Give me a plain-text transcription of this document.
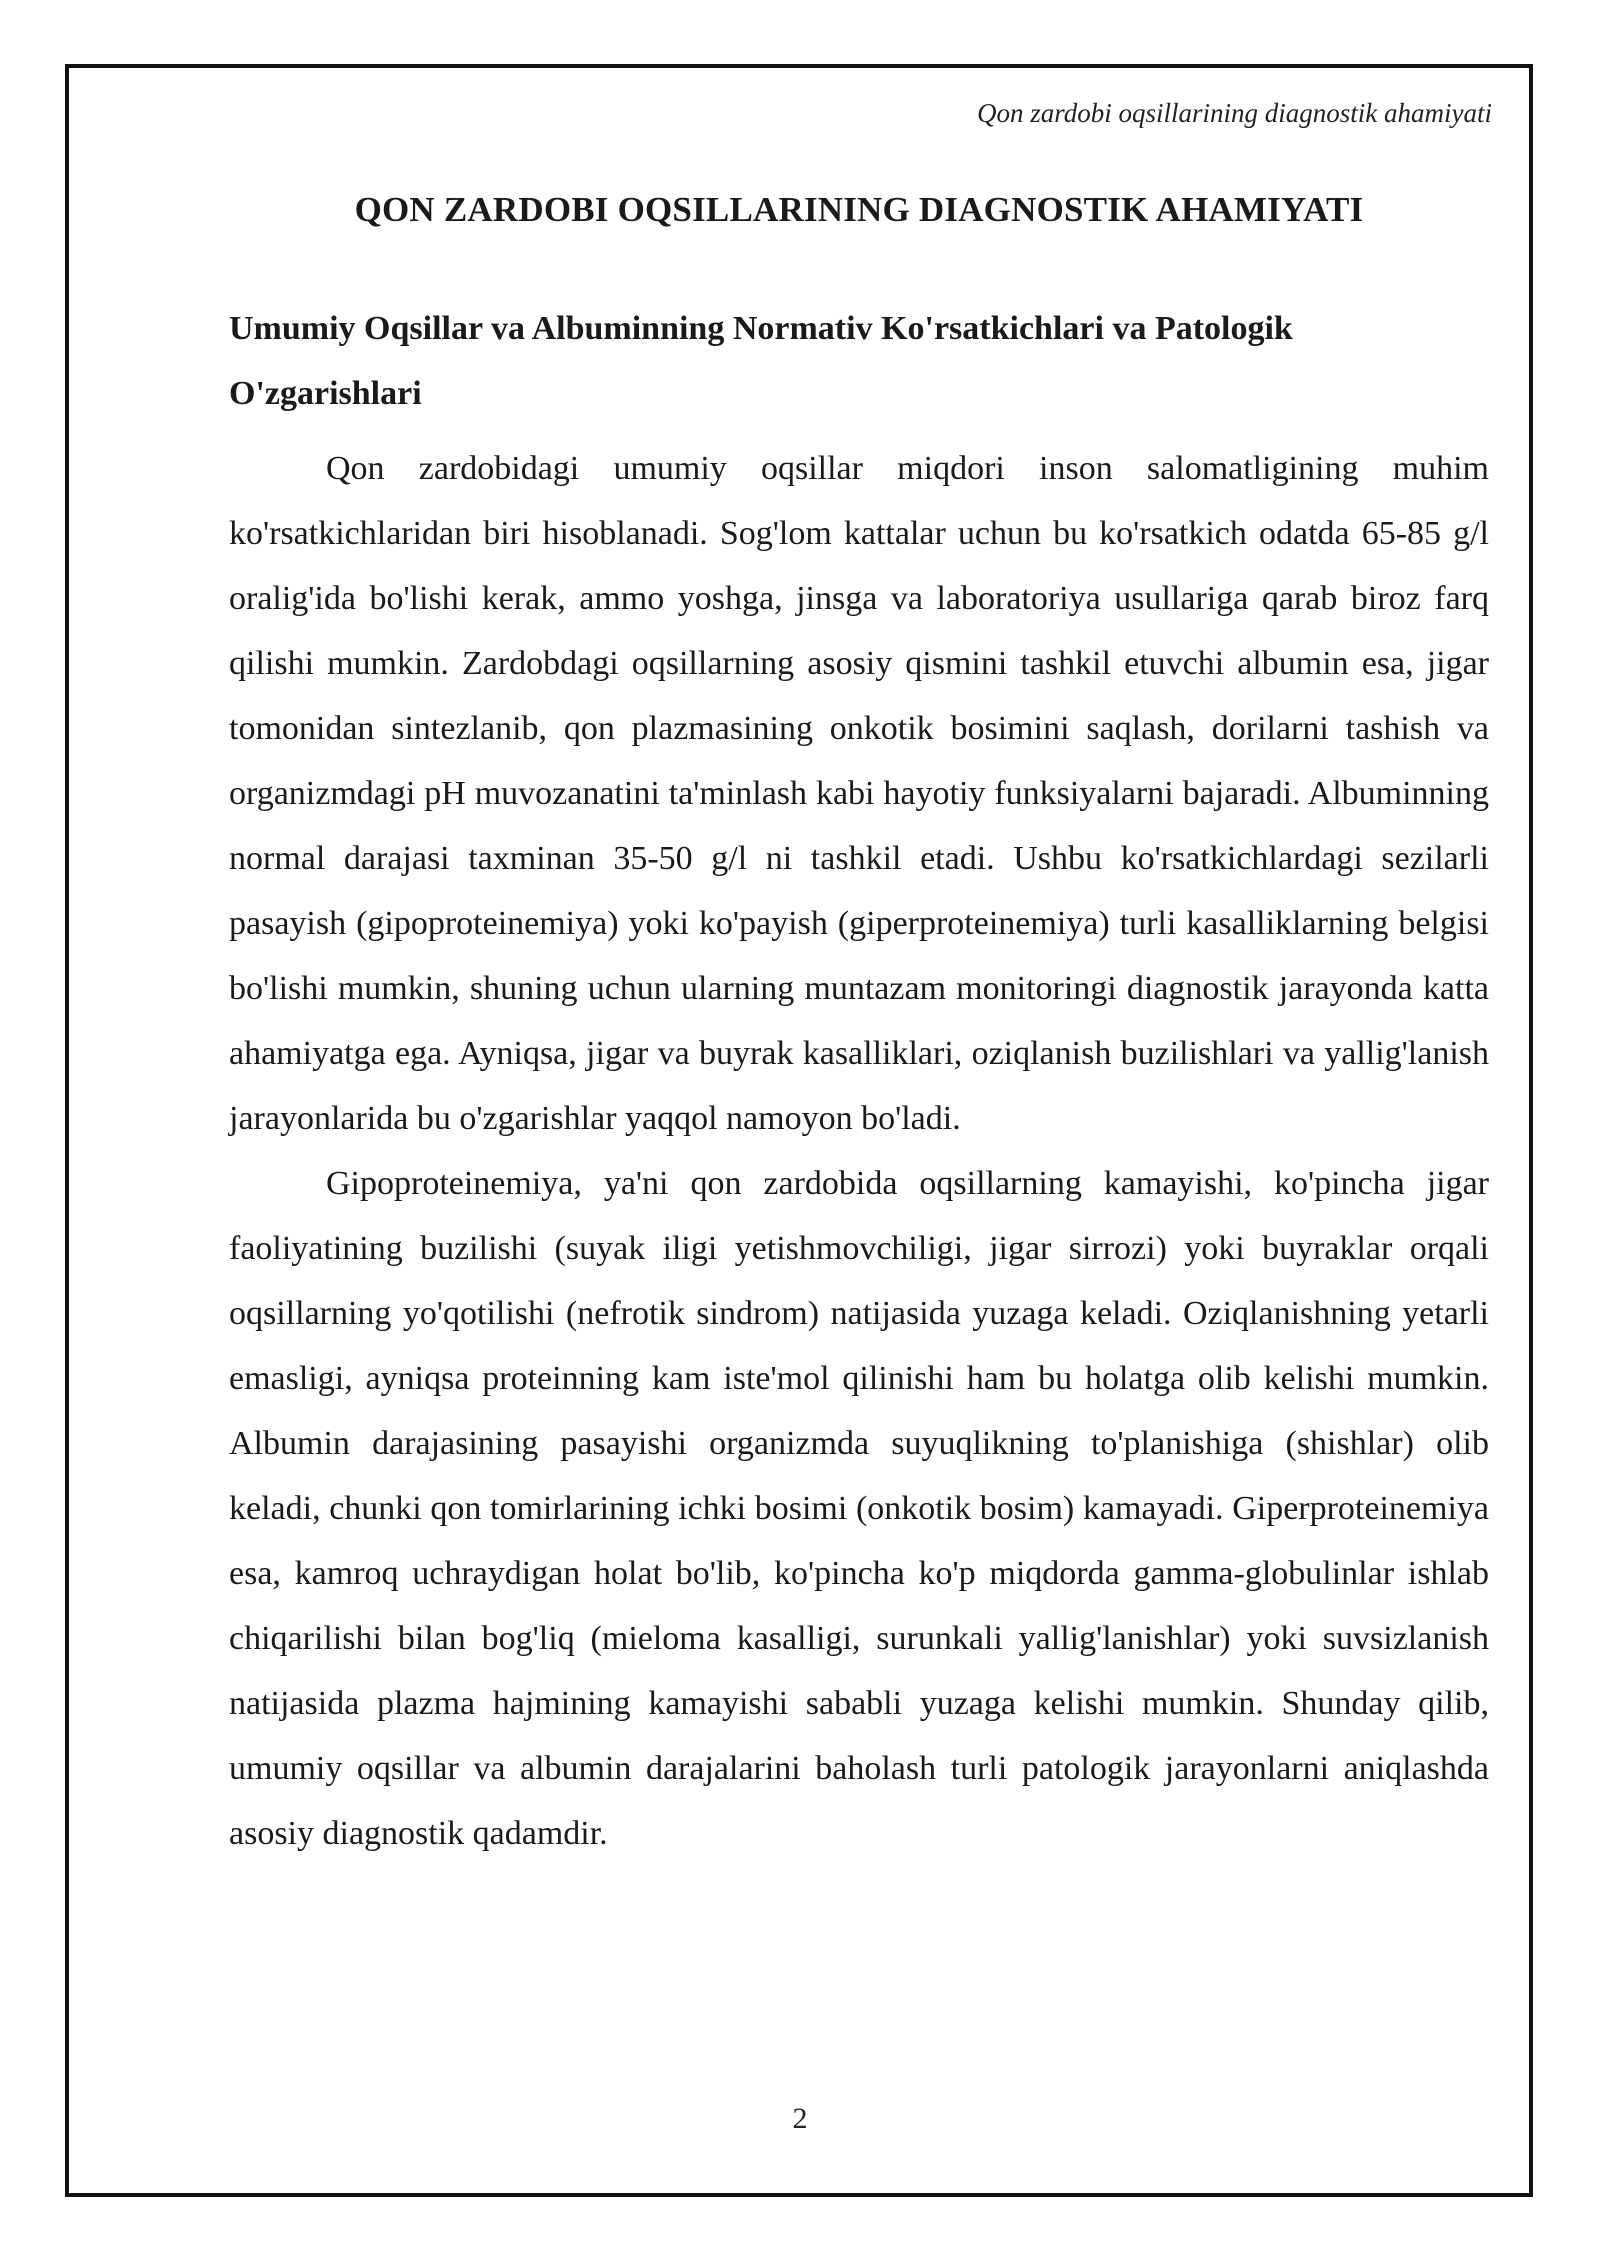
Qon zardobi oqsillarining diagnostik ahamiyati
QON ZARDOBI OQSILLARINING DIAGNOSTIK AHAMIYATI
Umumiy Oqsillar va Albuminning Normativ Ko'rsatkichlari va Patologik O'zgarishlari

Qon zardobidagi umumiy oqsillar miqdori inson salomatligining muhim ko'rsatkichlaridan biri hisoblanadi. Sog'lom kattalar uchun bu ko'rsatkich odatda 65-85 g/l oralig'ida bo'lishi kerak, ammo yoshga, jinsga va laboratoriya usullariga qarab biroz farq qilishi mumkin. Zardobdagi oqsillarning asosiy qismini tashkil etuvchi albumin esa, jigar tomonidan sintezlanib, qon plazmasining onkotik bosimini saqlash, dorilarni tashish va organizmdagi pH muvozanatini ta'minlash kabi hayotiy funksiyalarni bajaradi. Albuminning normal darajasi taxminan 35-50 g/l ni tashkil etadi. Ushbu ko'rsatkichlardagi sezilarli pasayish (gipoproteinemiya) yoki ko'payish (giperproteinemiya) turli kasalliklarning belgisi bo'lishi mumkin, shuning uchun ularning muntazam monitoringi diagnostik jarayonda katta ahamiyatga ega. Ayniqsa, jigar va buyrak kasalliklari, oziqlanish buzilishlari va yallig'lanish jarayonlarida bu o'zgarishlar yaqqol namoyon bo'ladi.

Gipoproteinemiya, ya'ni qon zardobida oqsillarning kamayishi, ko'pincha jigar faoliyatining buzilishi (suyak iligi yetishmovchiligi, jigar sirrozi) yoki buyraklar orqali oqsillarning yo'qotilishi (nefrotik sindrom) natijasida yuzaga keladi. Oziqlanishning yetarli emasligi, ayniqsa proteinning kam iste'mol qilinishi ham bu holatga olib kelishi mumkin. Albumin darajasining pasayishi organizmda suyuqlikning to'planishiga (shishlar) olib keladi, chunki qon tomirlarining ichki bosimi (onkotik bosim) kamayadi. Giperproteinemiya esa, kamroq uchraydigan holat bo'lib, ko'pincha ko'p miqdorda gamma-globulinlar ishlab chiqarilishi bilan bog'liq (mieloma kasalligi, surunkali yallig'lanishlar) yoki suvsizlanish natijasida plazma hajmining kamayishi sababli yuzaga kelishi mumkin. Shunday qilib, umumiy oqsillar va albumin darajalarini baholash turli patologik jarayonlarni aniqlashda asosiy diagnostik qadamdir.

2
